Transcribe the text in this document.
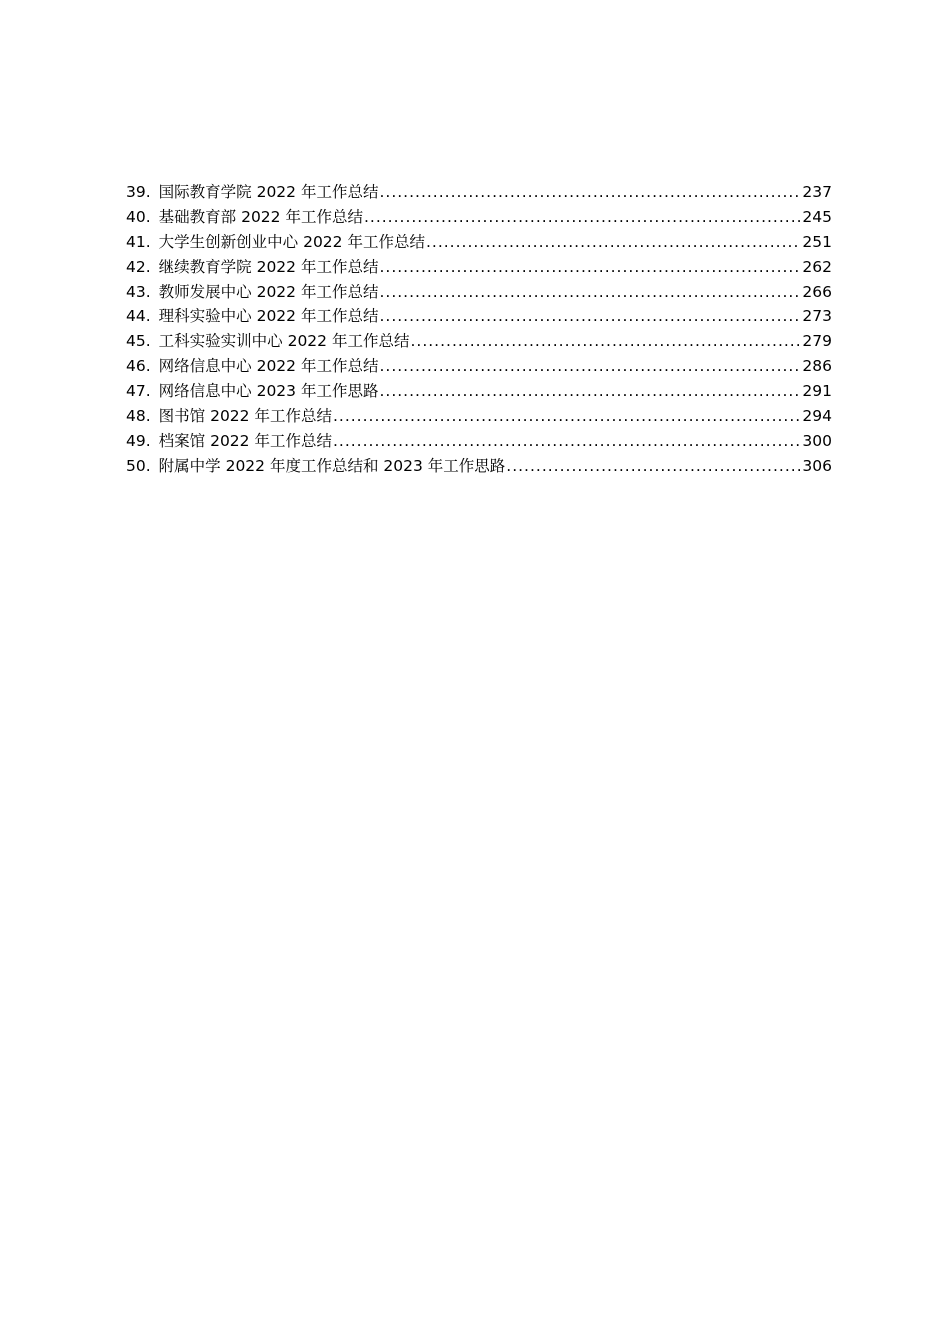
39. 国际教育学院 2022 年工作总结 .....	237
40. 基础教育部 2022 年工作总结 .....	245
41. 大学生创新创业中心 2022 年工作总结 .....	251
42. 继续教育学院 2022 年工作总结 .....	262
43. 教师发展中心 2022 年工作总结 .....	266
44. 理科实验中心 2022 年工作总结 .....	273
45. 工科实验实训中心 2022 年工作总结 .....	279
46. 网络信息中心 2022 年工作总结 .....	286
47. 网络信息中心 2023 年工作思路 .....	291
48. 图书馆 2022 年工作总结 .....	294
49. 档案馆 2022 年工作总结 .....	300
50. 附属中学 2022 年度工作总结和 2023 年工作思路 .....	306
